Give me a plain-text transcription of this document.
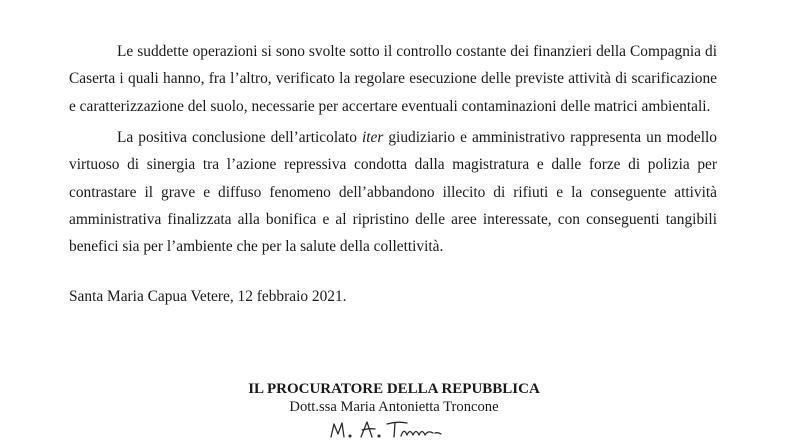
Le suddette operazioni si sono svolte sotto il controllo costante dei finanzieri della Compagnia di Caserta i quali hanno, fra l’altro, verificato la regolare esecuzione delle previste attività di scarificazione e caratterizzazione del suolo, necessarie per accertare eventuali contaminazioni delle matrici ambientali.

La positiva conclusione dell’articolato iter giudiziario e amministrativo rappresenta un modello virtuoso di sinergia tra l’azione repressiva condotta dalla magistratura e dalle forze di polizia per contrastare il grave e diffuso fenomeno dell’abbandono illecito di rifiuti e la conseguente attività amministrativa finalizzata alla bonifica e al ripristino delle aree interessate, con conseguenti tangibili benefici sia per l’ambiente che per la salute della collettività.

Santa Maria Capua Vetere, 12 febbraio 2021.

IL PROCURATORE DELLA REPUBBLICA
Dott.ssa Maria Antonietta Troncone
